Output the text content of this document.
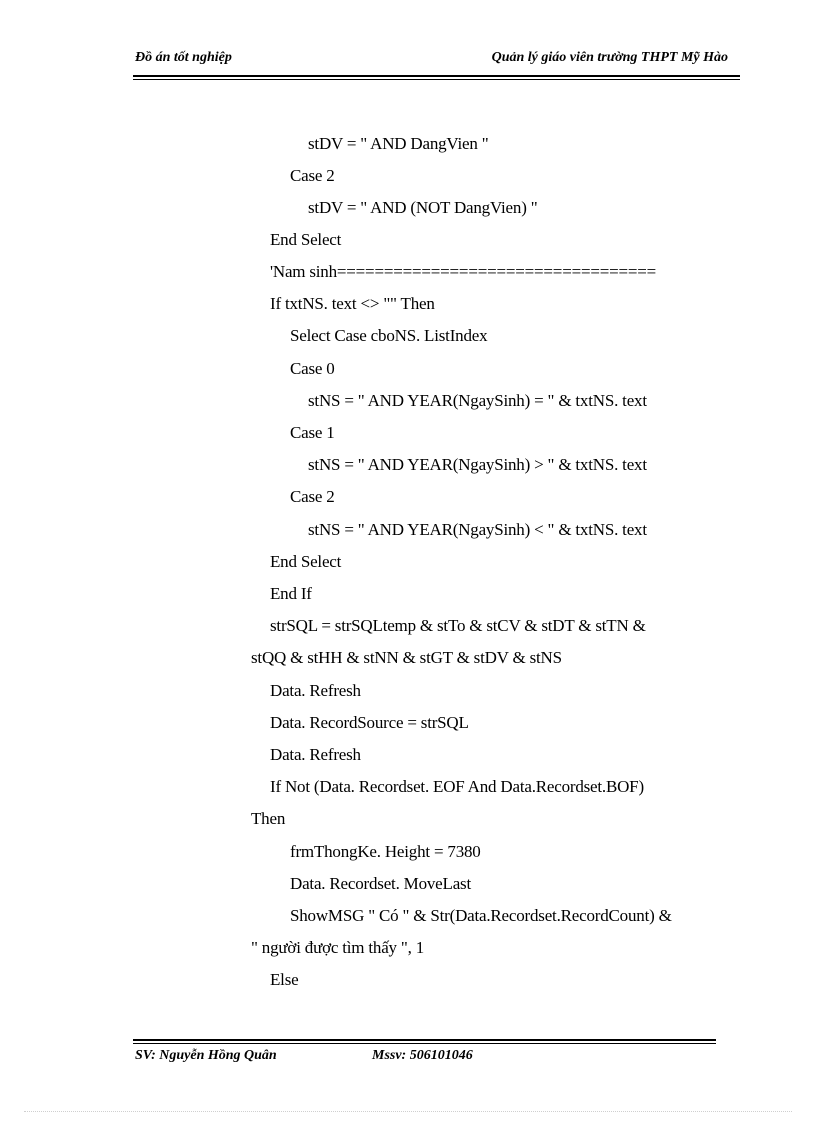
Đồ án tốt nghiệp	Quản lý giáo viên trường THPT Mỹ Hào
stDV = " AND DangVien "
Case 2
stDV = " AND (NOT DangVien) "
End Select
'Nam sinh==================================
If txtNS. text <> "" Then
Select Case cboNS. ListIndex
Case 0
stNS = " AND YEAR(NgaySinh) = " & txtNS. text
Case 1
stNS = " AND YEAR(NgaySinh) > " & txtNS. text
Case 2
stNS = " AND YEAR(NgaySinh) < " & txtNS. text
End Select
End If
strSQL = strSQLtemp & stTo & stCV & stDT & stTN &
stQQ & stHH & stNN & stGT & stDV & stNS
Data. Refresh
Data. RecordSource = strSQL
Data. Refresh
If Not (Data. Recordset. EOF And Data.Recordset.BOF)
Then
frmThongKe. Height = 7380
Data. Recordset. MoveLast
ShowMSG " Có " & Str(Data.Recordset.RecordCount) &
" người được tìm thấy ", 1
Else
SV: Nguyễn Hồng Quân	Mssv: 506101046
